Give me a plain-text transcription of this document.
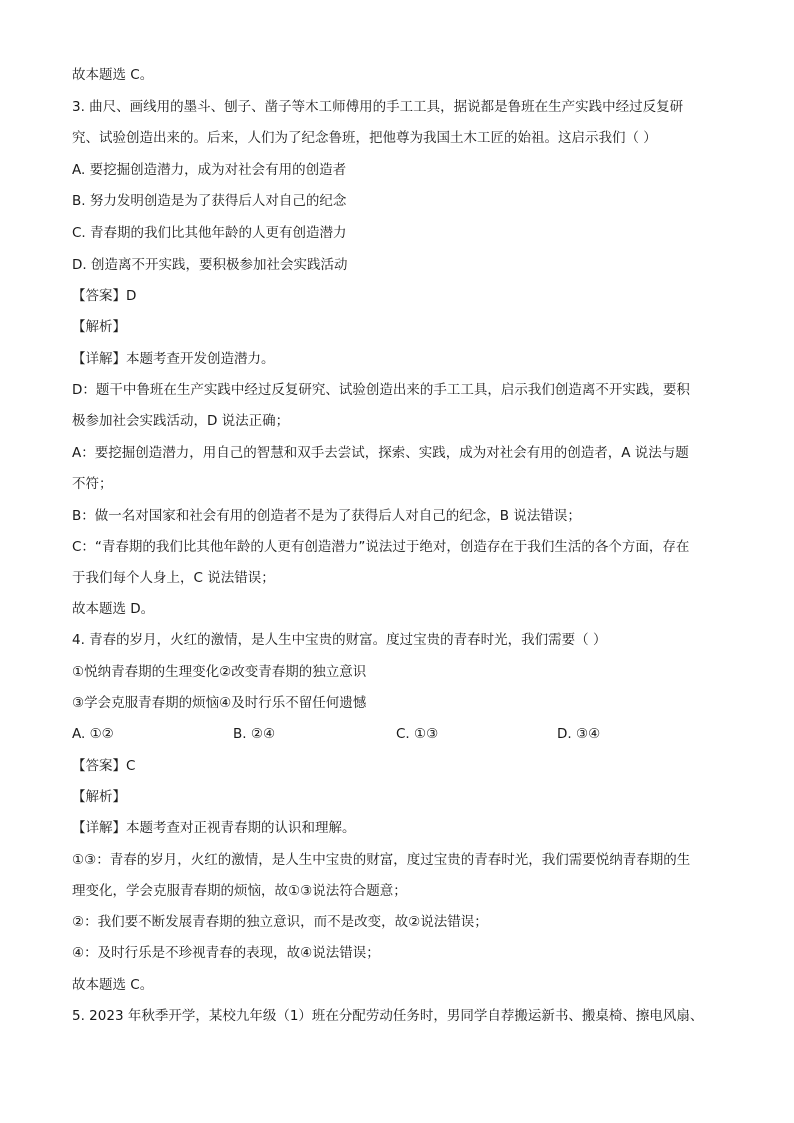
故本题选 C。
3. 曲尺、画线用的墨斗、刨子、凿子等木工师傅用的手工工具，据说都是鲁班在生产实践中经过反复研
究、试验创造出来的。后来，人们为了纪念鲁班，把他尊为我国土木工匠的始祖。这启示我们（ ）
A. 要挖掘创造潜力，成为对社会有用的创造者
B. 努力发明创造是为了获得后人对自己的纪念
C. 青春期的我们比其他年龄的人更有创造潜力
D. 创造离不开实践，要积极参加社会实践活动
【答案】D
【解析】
【详解】本题考查开发创造潜力。
D：题干中鲁班在生产实践中经过反复研究、试验创造出来的手工工具，启示我们创造离不开实践，要积
极参加社会实践活动，D 说法正确；
A：要挖掘创造潜力，用自己的智慧和双手去尝试，探索、实践，成为对社会有用的创造者，A 说法与题
不符；
B：做一名对国家和社会有用的创造者不是为了获得后人对自己的纪念，B 说法错误；
C：“青春期的我们比其他年龄的人更有创造潜力”说法过于绝对，创造存在于我们生活的各个方面，存在
于我们每个人身上，C 说法错误；
故本题选 D。
4. 青春的岁月，火红的激情，是人生中宝贵的财富。度过宝贵的青春时光，我们需要（ ）
①悦纳青春期的生理变化②改变青春期的独立意识
③学会克服青春期的烦恼④及时行乐不留任何遗憾
A. ①②	B. ②④	C. ①③	D. ③④
【答案】C
【解析】
【详解】本题考查对正视青春期的认识和理解。
①③：青春的岁月，火红的激情，是人生中宝贵的财富，度过宝贵的青春时光，我们需要悦纳青春期的生
理变化，学会克服青春期的烦恼，故①③说法符合题意；
②：我们要不断发展青春期的独立意识，而不是改变，故②说法错误；
④：及时行乐是不珍视青春的表现，故④说法错误；
故本题选 C。
5. 2023 年秋季开学，某校九年级（1）班在分配劳动任务时，男同学自荐搬运新书、搬桌椅、擦电风扇、
